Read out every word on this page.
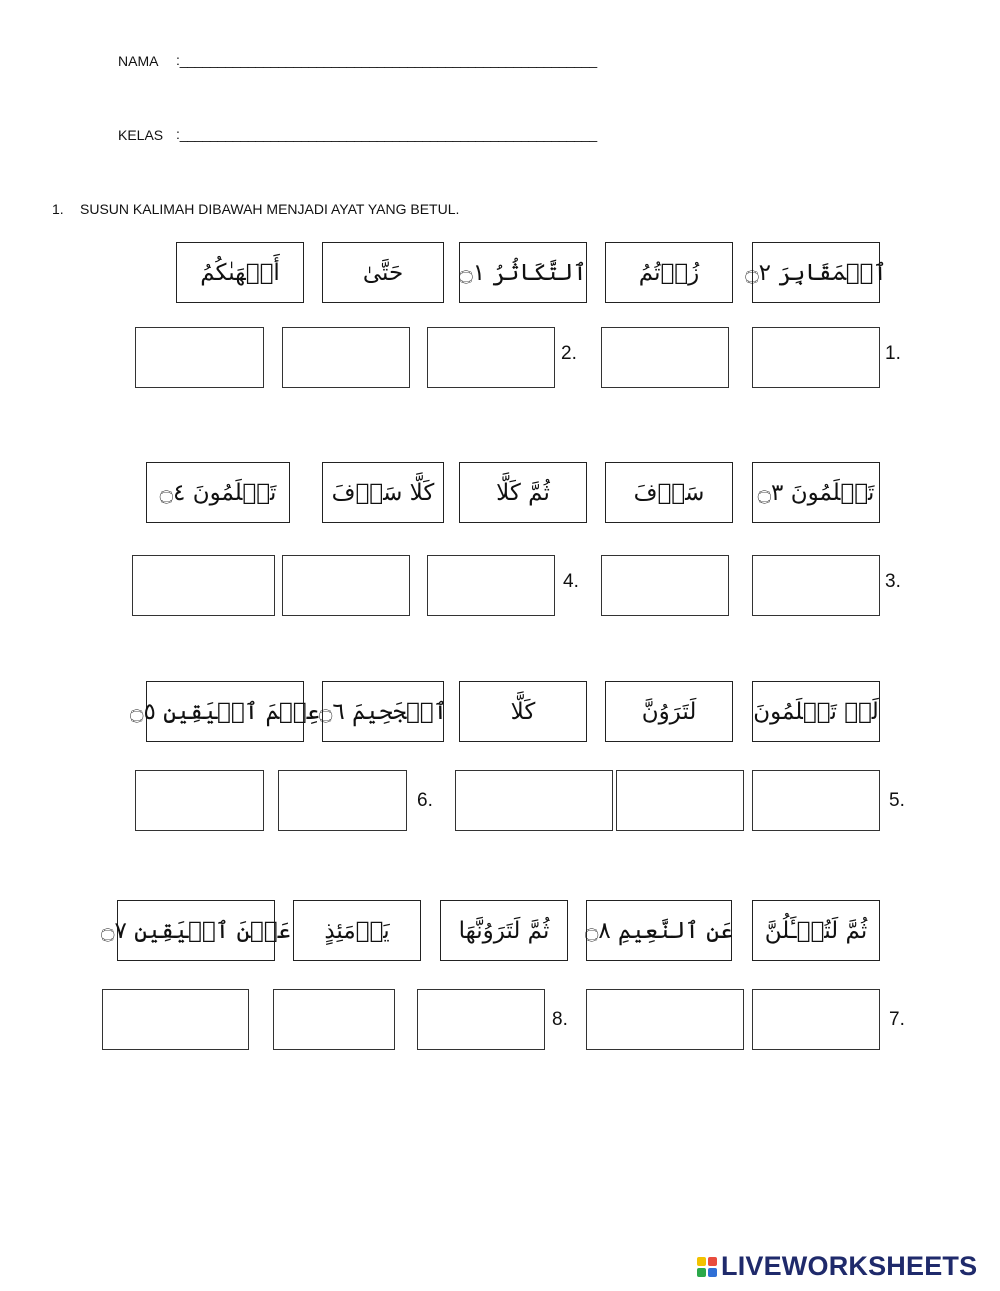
NAMA :_______________________________________________________
KELAS :_______________________________________________________
1. SUSUN KALIMAH DIBAWAH MENJADI AYAT YANG BETUL.
ٱلۡمَقَابِرَ ۝٢
زُرۡتُمُ
ٱلتَّكَاثُرُ ۝١
حَتَّىٰ
أَلۡهَىٰكُمُ
1.
2.
تَعۡلَمُونَ ۝٣
سَوۡفَ
ثُمَّ كَلَّا
كَلَّا سَوۡفَ
تَعۡلَمُونَ ۝٤
3.
4.
لَوۡ تَعۡلَمُونَ
لَتَرَوُنَّ
كَلَّا
ٱلۡجَحِيمَ ۝٦
عِلۡمَ ٱلۡيَقِينِ ۝٥
5.
6.
ثُمَّ لَتُسۡـَٔلُنَّ
عَنِ ٱلنَّعِيمِ ۝٨
ثُمَّ لَتَرَوُنَّهَا
يَوۡمَئِذٍ
عَيۡنَ ٱلۡيَقِينِ ۝٧
7.
8.
LIVEWORKSHEETS
